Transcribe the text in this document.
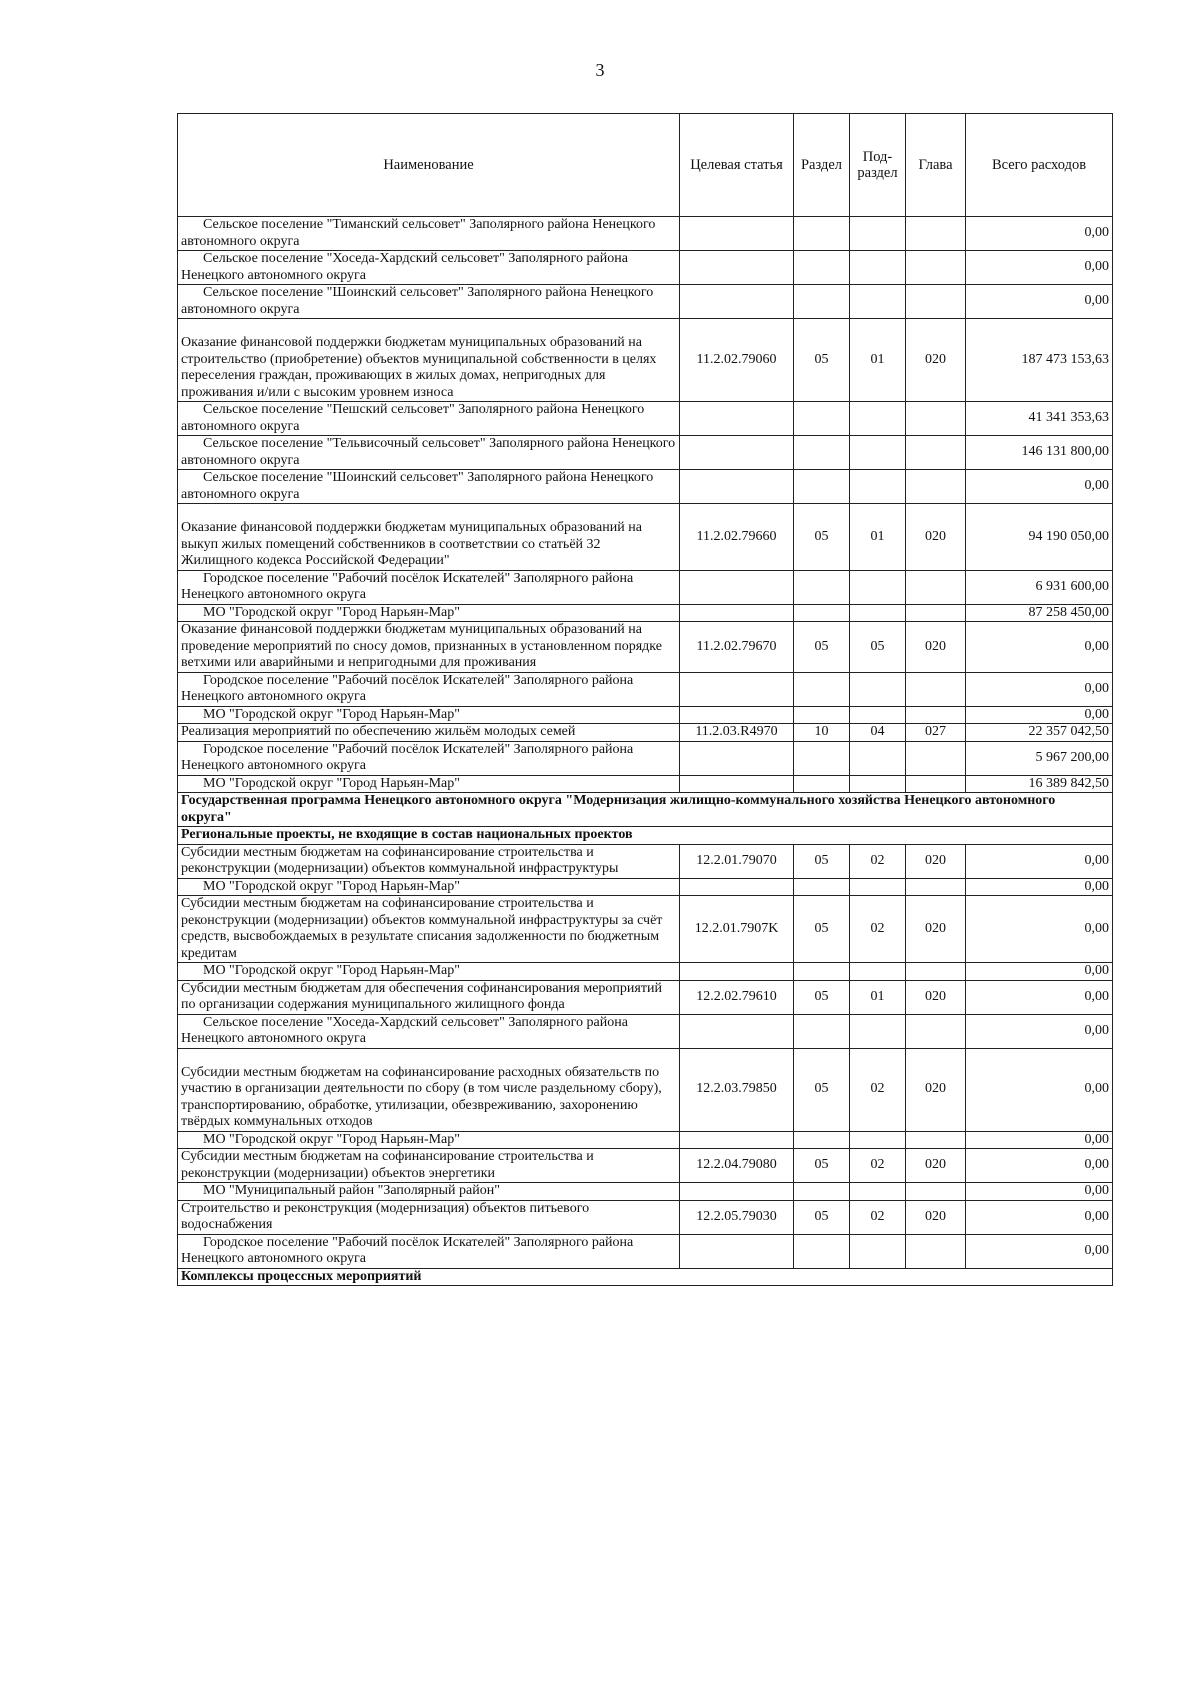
3
Наименование	Целевая статья	Раздел	Под-раздел	Глава	Всего расходов
Сельское поселение "Тиманский сельсовет" Заполярного района Ненецкого автономного округа					0,00
Сельское поселение "Хоседа-Хардский сельсовет" Заполярного района Ненецкого автономного округа					0,00
Сельское поселение "Шоинский сельсовет" Заполярного района Ненецкого автономного округа					0,00

Оказание финансовой поддержки бюджетам муниципальных образований на строительство (приобретение) объектов муниципальной собственности в целях переселения граждан, проживающих в жилых домах, непригодных для проживания и/или с высоким уровнем износа	11.2.02.79060	05	01	020	187 473 153,63
Сельское поселение "Пешский сельсовет" Заполярного района Ненецкого автономного округа					41 341 353,63
Сельское поселение "Тельвисочный сельсовет" Заполярного района Ненецкого автономного округа					146 131 800,00
Сельское поселение "Шоинский сельсовет" Заполярного района Ненецкого автономного округа					0,00

Оказание финансовой поддержки бюджетам муниципальных образований на выкуп жилых помещений собственников в соответствии со статьёй 32 Жилищного кодекса Российской Федерации"	11.2.02.79660	05	01	020	94 190 050,00
Городское поселение "Рабочий посёлок Искателей" Заполярного района Ненецкого автономного округа					6 931 600,00
МО "Городской округ "Город Нарьян-Мар"					87 258 450,00
Оказание финансовой поддержки бюджетам муниципальных образований на проведение мероприятий по сносу домов, признанных в установленном порядке ветхими или аварийными и непригодными для проживания	11.2.02.79670	05	05	020	0,00
Городское поселение "Рабочий посёлок Искателей" Заполярного района Ненецкого автономного округа					0,00
МО "Городской округ "Город Нарьян-Мар"					0,00
Реализация мероприятий по обеспечению жильём молодых семей	11.2.03.R4970	10	04	027	22 357 042,50
Городское поселение "Рабочий посёлок Искателей" Заполярного района Ненецкого автономного округа					5 967 200,00
МО "Городской округ "Город Нарьян-Мар"					16 389 842,50
Государственная программа Ненецкого автономного округа "Модернизация жилищно-коммунального хозяйства Ненецкого автономного округа"					
Региональные проекты, не входящие в состав национальных проектов					
Субсидии местным бюджетам на софинансирование строительства и реконструкции (модернизации) объектов коммунальной инфраструктуры	12.2.01.79070	05	02	020	0,00
МО "Городской округ "Город Нарьян-Мар"					0,00
Субсидии местным бюджетам на софинансирование строительства и реконструкции (модернизации) объектов коммунальной инфраструктуры за счёт средств, высвобождаемых в результате списания задолженности по бюджетным кредитам	12.2.01.7907K	05	02	020	0,00
МО "Городской округ "Город Нарьян-Мар"					0,00
Субсидии местным бюджетам для обеспечения софинансирования мероприятий по организации содержания муниципального жилищного фонда	12.2.02.79610	05	01	020	0,00
Сельское поселение "Хоседа-Хардский сельсовет" Заполярного района Ненецкого автономного округа					0,00

Субсидии местным бюджетам на софинансирование расходных обязательств по участию в организации деятельности по сбору (в том числе раздельному сбору), транспортированию, обработке, утилизации, обезвреживанию, захоронению твёрдых коммунальных отходов	12.2.03.79850	05	02	020	0,00
МО "Городской округ "Город Нарьян-Мар"					0,00
Субсидии местным бюджетам на софинансирование строительства и реконструкции (модернизации) объектов энергетики	12.2.04.79080	05	02	020	0,00
МО "Муниципальный район "Заполярный район"					0,00
Строительство и реконструкция (модернизация) объектов питьевого водоснабжения	12.2.05.79030	05	02	020	0,00
Городское поселение "Рабочий посёлок Искателей" Заполярного района Ненецкого автономного округа					0,00
Комплексы процессных мероприятий					
